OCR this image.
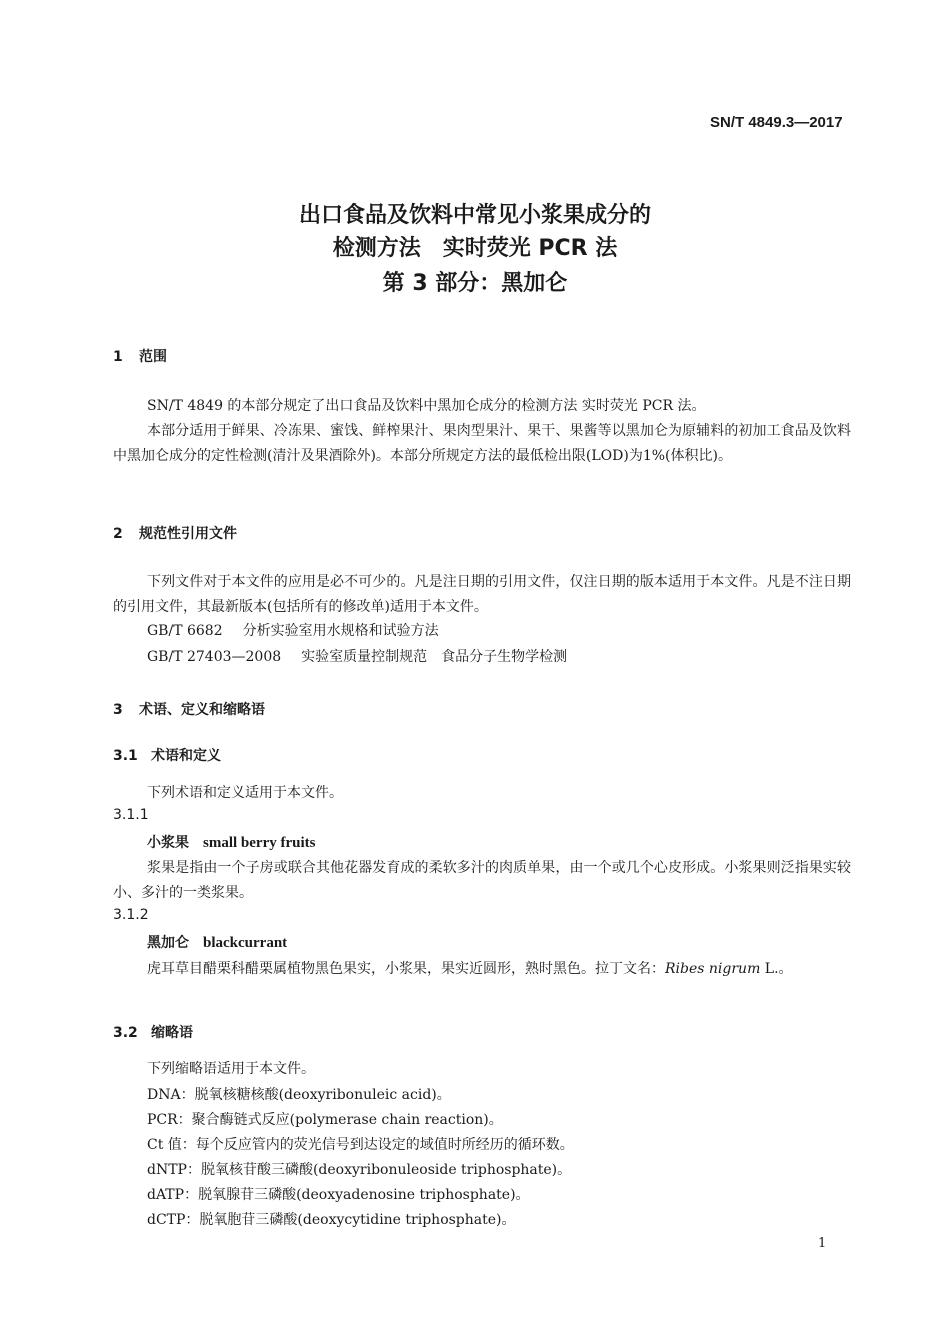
SN/T 4849.3—2017
出口食品及饮料中常见小浆果成分的
检测方法　实时荧光 PCR 法
第 3 部分：黑加仑
1 范围
SN/T 4849 的本部分规定了出口食品及饮料中黑加仑成分的检测方法 实时荧光 PCR 法。
本部分适用于鲜果、冷冻果、蜜饯、鲜榨果汁、果肉型果汁、果干、果酱等以黑加仑为原辅料的初加工食品及饮料中黑加仑成分的定性检测(清汁及果酒除外)。本部分所规定方法的最低检出限(LOD)为1%(体积比)。
2 规范性引用文件
下列文件对于本文件的应用是必不可少的。凡是注日期的引用文件，仅注日期的版本适用于本文件。凡是不注日期的引用文件，其最新版本(包括所有的修改单)适用于本文件。
GB/T 6682 分析实验室用水规格和试验方法
GB/T 27403—2008 实验室质量控制规范　食品分子生物学检测
3 术语、定义和缩略语
3.1 术语和定义
下列术语和定义适用于本文件。
3.1.1
小浆果 small berry fruits
浆果是指由一个子房或联合其他花器发育成的柔软多汁的肉质单果，由一个或几个心皮形成。小浆果则泛指果实较小、多汁的一类浆果。
3.1.2
黑加仑 blackcurrant
虎耳草目醋栗科醋栗属植物黑色果实，小浆果，果实近圆形，熟时黑色。拉丁文名：Ribes nigrum L.。
3.2 缩略语
下列缩略语适用于本文件。
DNA：脱氧核糖核酸(deoxyribonuleic acid)。
PCR：聚合酶链式反应(polymerase chain reaction)。
Ct 值：每个反应管内的荧光信号到达设定的域值时所经历的循环数。
dNTP：脱氧核苷酸三磷酸(deoxyribonuleoside triphosphate)。
dATP：脱氧腺苷三磷酸(deoxyadenosine triphosphate)。
dCTP：脱氧胞苷三磷酸(deoxycytidine triphosphate)。
1
